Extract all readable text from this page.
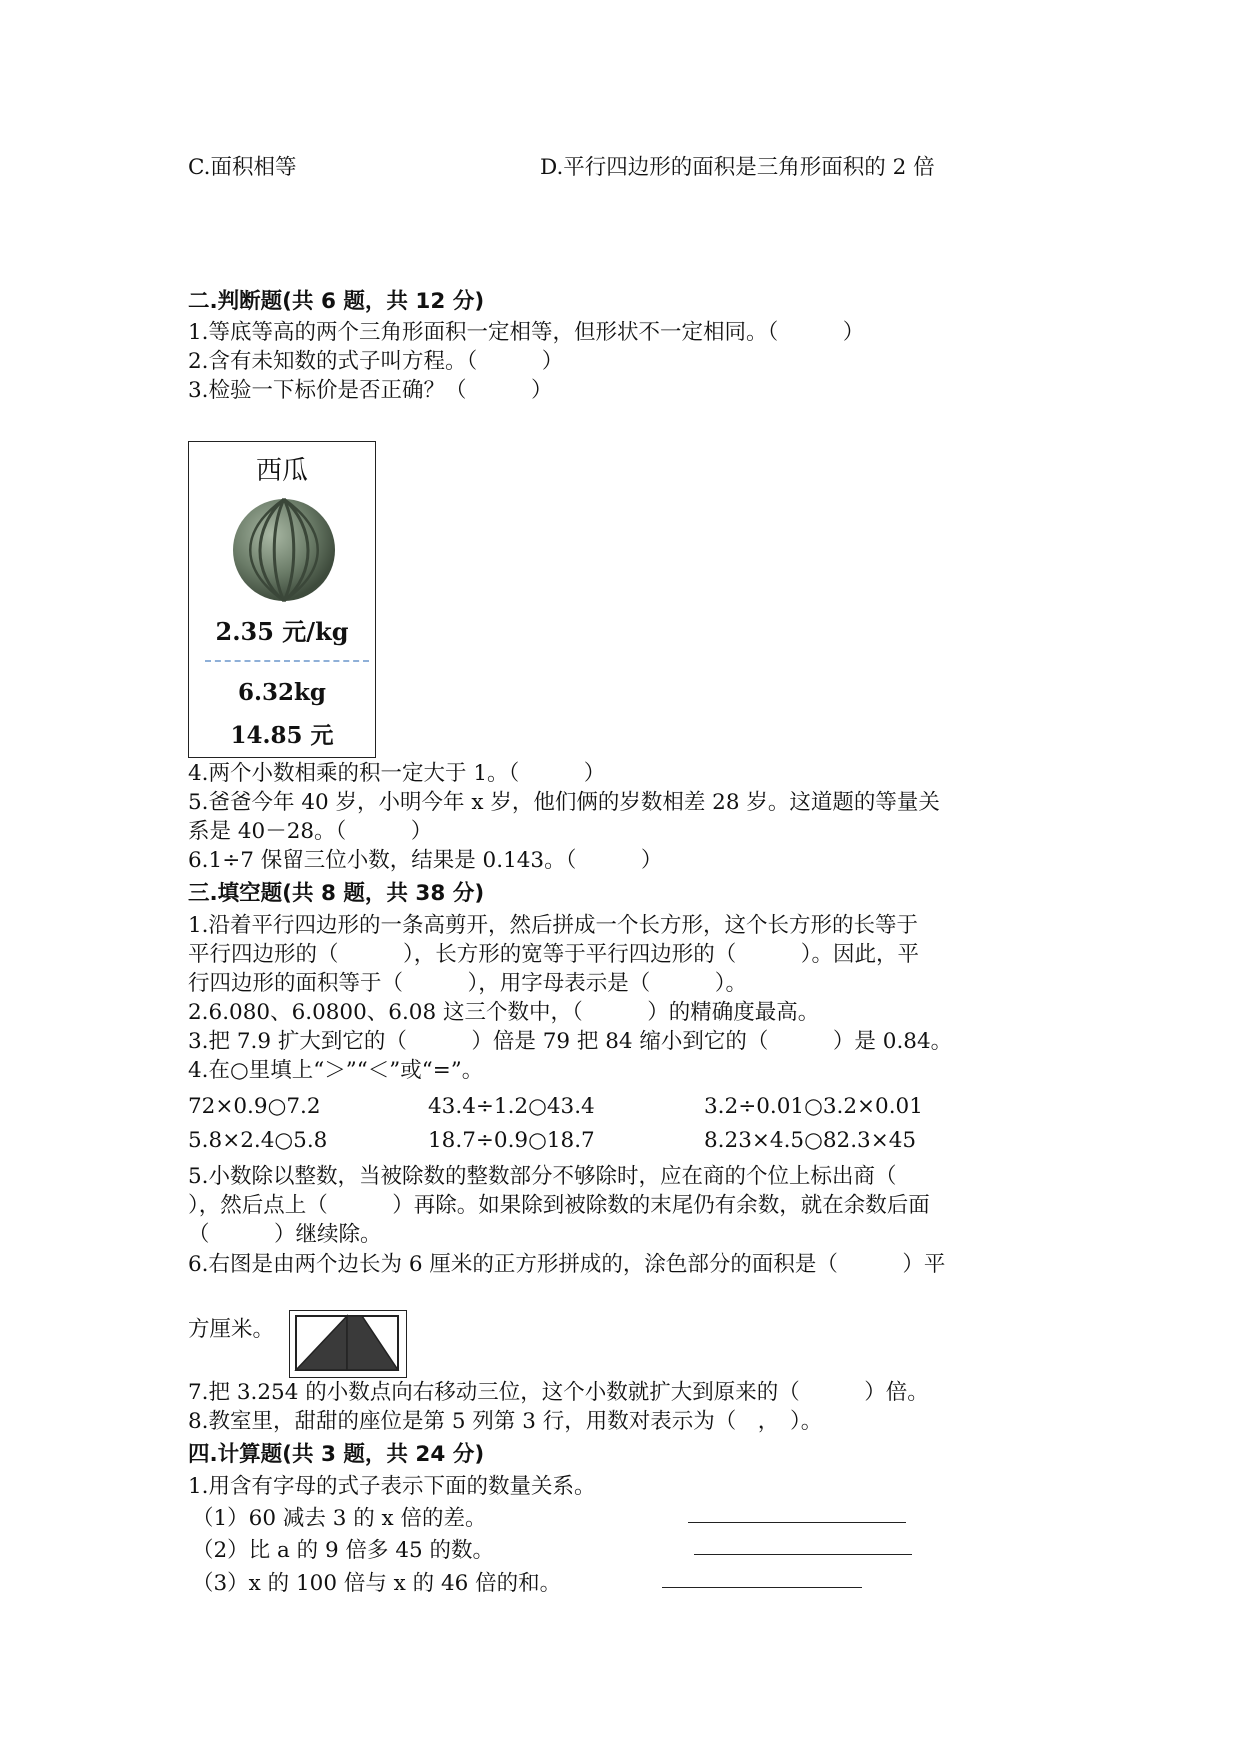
C.面积相等	D.平行四边形的面积是三角形面积的 2 倍
二.判断题(共 6 题，共 12 分)
1.等底等高的两个三角形面积一定相等，但形状不一定相同。（　　　）
2.含有未知数的式子叫方程。（　　　）
3.检验一下标价是否正确？（　　　）
西瓜
2.35 元/kg
6.32kg
14.85 元
4.两个小数相乘的积一定大于 1。（　　　）
5.爸爸今年 40 岁，小明今年 x 岁，他们俩的岁数相差 28 岁。这道题的等量关
系是 40－28。（　　　）
6.1÷7 保留三位小数，结果是 0.143。（　　　）
三.填空题(共 8 题，共 38 分)
1.沿着平行四边形的一条高剪开，然后拼成一个长方形，这个长方形的长等于
平行四边形的（　　　），长方形的宽等于平行四边形的（　　　）。因此，平
行四边形的面积等于（　　　），用字母表示是（　　　）。
2.6.080、6.0800、6.08 这三个数中，（　　　）的精确度最高。
3.把 7.9 扩大到它的（　　　）倍是 79 把 84 缩小到它的（　　　）是 0.84。
4.在○里填上“＞”“＜”或“=”。
72×0.9○7.2	43.4÷1.2○43.4	3.2÷0.01○3.2×0.01
5.8×2.4○5.8	18.7÷0.9○18.7	8.23×4.5○82.3×45
5.小数除以整数，当被除数的整数部分不够除时，应在商的个位上标出商（
），然后点上（　　　）再除。如果除到被除数的末尾仍有余数，就在余数后面
（　　　）继续除。
6.右图是由两个边长为 6 厘米的正方形拼成的，涂色部分的面积是（　　　）平
方厘米。
7.把 3.254 的小数点向右移动三位，这个小数就扩大到原来的（　　　）倍。
8.教室里，甜甜的座位是第 5 列第 3 行，用数对表示为（　，　）。
四.计算题(共 3 题，共 24 分)
1.用含有字母的式子表示下面的数量关系。
（1）60 减去 3 的 x 倍的差。
（2）比 a 的 9 倍多 45 的数。
（3）x 的 100 倍与 x 的 46 倍的和。
